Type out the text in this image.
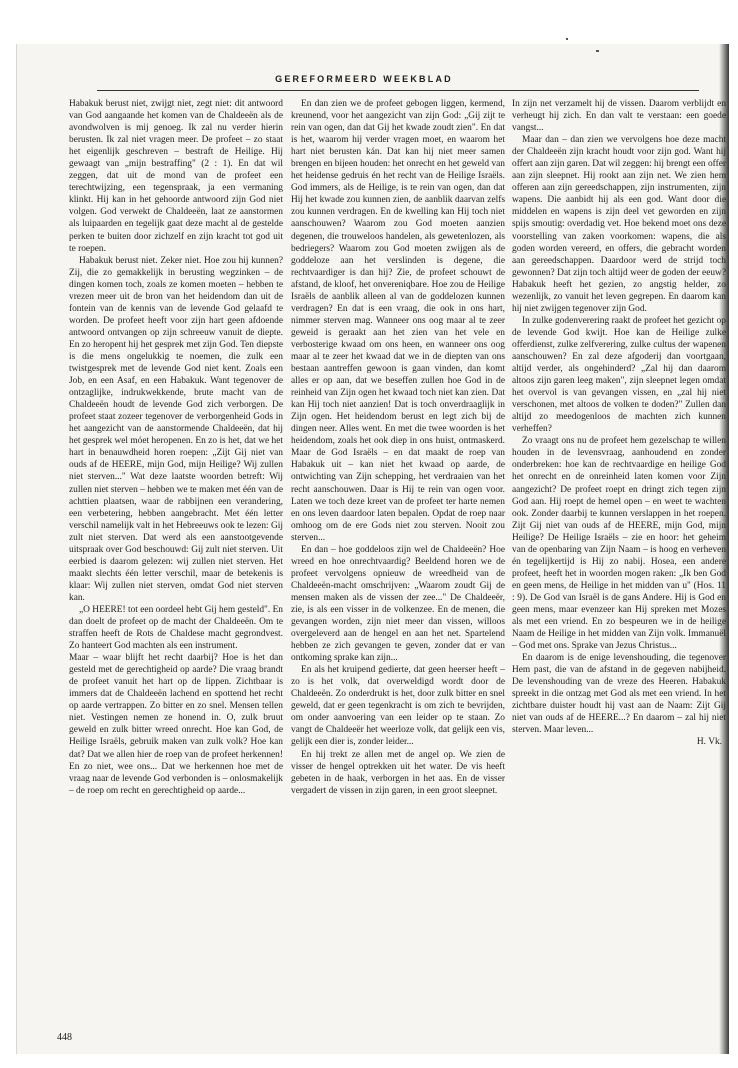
GEREFORMEERD WEEKBLAD

Habakuk berust niet, zwijgt niet, zegt niet: dit antwoord van God aangaande het komen van de Chaldeeën als de avondwolven is mij genoeg. Ik zal nu verder hierin berusten. Ik zal niet vragen meer. De profeet – zo staat het eigenlijk geschreven – bestraft de Heilige. Hij gewaagt van „mijn bestraffing" (2 : 1). En dat wil zeggen, dat uit de mond van de profeet een terechtwijzing, een tegenspraak, ja een vermaning klinkt. Hij kan in het gehoorde antwoord zijn God niet volgen. God verwekt de Chaldeeën, laat ze aanstormen als luipaarden en tegelijk gaat deze macht al de gestelde perken te buiten door zichzelf en zijn kracht tot god uit te roepen.

Habakuk berust niet. Zeker niet. Hoe zou hij kunnen? Zij, die zo gemakkelijk in berusting wegzinken – de dingen komen toch, zoals ze komen moeten – hebben te vrezen meer uit de bron van het heidendom dan uit de fontein van de kennis van de levende God gelaafd te worden. De profeet heeft voor zijn hart geen afdoende antwoord ontvangen op zijn schreeuw vanuit de diepte. En zo heropent hij het gesprek met zijn God. Ten diepste is die mens ongelukkig te noemen, die zulk een twistgesprek met de levende God niet kent. Zoals een Job, en een Asaf, en een Habakuk. Want tegenover de ontzaglijke, indrukwekkende, brute macht van de Chaldeeën houdt de levende God zich verborgen. De profeet staat zozeer tegenover de verborgenheid Gods in het aangezicht van de aanstormende Chaldeeën, dat hij het gesprek wel móet heropenen. En zo is het, dat we het hart in benauwdheid horen roepen: „Zijt Gij niet van ouds af de HEERE, mijn God, mijn Heilige? Wij zullen niet sterven..." Wat deze laatste woorden betreft: Wij zullen niet sterven – hebben we te maken met één van de achttien plaatsen, waar de rabbijnen een verandering, een verbetering, hebben aangebracht. Met één letter verschil namelijk valt in het Hebreeuws ook te lezen: Gij zult niet sterven. Dat werd als een aanstootgevende uitspraak over God beschouwd: Gij zult niet sterven. Uit eerbied is daarom gelezen: wij zullen niet sterven. Het maakt slechts één letter verschil, maar de betekenis is klaar: Wij zullen niet sterven, omdat God niet sterven kan.

„O HEERE! tot een oordeel hebt Gij hem gesteld". En dan doelt de profeet op de macht der Chaldeeën. Om te straffen heeft de Rots de Chaldese macht gegrondvest. Zo hanteert God machten als een instrument.

Maar – waar blijft het recht daarbij? Hoe is het dan gesteld met de gerechtigheid op aarde? Die vraag brandt de profeet vanuit het hart op de lippen. Zichtbaar is immers dat de Chaldeeën lachend en spottend het recht op aarde vertrappen. Zo bitter en zo snel. Mensen tellen niet. Vestingen nemen ze honend in. O, zulk bruut geweld en zulk bitter wreed onrecht. Hoe kan God, de Heilige Israëls, gebruik maken van zulk volk? Hoe kan dat? Dat we allen hier de roep van de profeet herkennen! En zo niet, wee ons... Dat we herkennen hoe met de vraag naar de levende God verbonden is – onlosmakelijk – de roep om recht en gerechtigheid op aarde...

En dan zien we de profeet gebogen liggen, kermend, kreunend, voor het aangezicht van zijn God: „Gij zijt te rein van ogen, dan dat Gij het kwade zoudt zien". En dat is het, waarom hij verder vragen moet, en waarom het hart niet berusten kán. Dat kan hij niet meer samen brengen en bijeen houden: het onrecht en het geweld van het heidense gedruis én het recht van de Heilige Israëls. God immers, als de Heilige, is te rein van ogen, dan dat Hij het kwade zou kunnen zien, de aanblik daarvan zelfs zou kunnen verdragen. En de kwelling kan Hij toch niet aanschouwen? Waarom zou God moeten aanzien degenen, die trouweloos handelen, als gewetenlozen, als bedriegers? Waarom zou God moeten zwijgen als de goddeloze aan het verslinden is degene, die rechtvaardiger is dan hij? Zie, de profeet schouwt de afstand, de kloof, het onvereniqbare. Hoe zou de Heilige Israëls de aanblik alleen al van de goddelozen kunnen verdragen? En dat is een vraag, die ook in ons hart, nimmer sterven mag. Wanneer ons oog maar al te zeer geweid is geraakt aan het zien van het vele en verbosterige kwaad om ons heen, en wanneer ons oog maar al te zeer het kwaad dat we in de diepten van ons bestaan aantreffen gewoon is gaan vinden, dan komt alles er op aan, dat we beseffen zullen hoe God in de reinheid van Zijn ogen het kwaad toch niet kan zien. Dat kan Hij toch niet aanzien! Dat is toch onverdraaglijk in Zijn ogen. Het heidendom berust en legt zich bij de dingen neer. Alles went. En met die twee woorden is het heidendom, zoals het ook diep in ons huist, ontmaskerd. Maar de God Israëls – en dat maakt de roep van Habakuk uit – kan niet het kwaad op aarde, de ontwichting van Zijn schepping, het verdraaien van het recht aanschouwen. Daar is Hij te rein van ogen voor. Laten we toch deze kreet van de profeet ter harte nemen en ons leven daardoor laten bepalen. Opdat de roep naar omhoog om de ere Gods niet zou sterven. Nooit zou sterven...

En dan – hoe goddeloos zijn wel de Chaldeeën? Hoe wreed en hoe onrechtvaardig? Beeldend horen we de profeet vervolgens opnieuw de wreedheid van de Chaldeeën-macht omschrijven: „Waarom zoudt Gij de mensen maken als de vissen der zee..." De Chaldeeër, zie, is als een visser in de volkenzee. En de menen, die gevangen worden, zijn niet meer dan vissen, willoos overgeleverd aan de hengel en aan het net. Spartelend hebben ze zich gevangen te geven, zonder dat er van ontkoming sprake kan zijn...

En als het kruipend gedierte, dat geen heerser heeft – zo is het volk, dat overweldigd wordt door de Chaldeeën. Zo onderdrukt is het, door zulk bitter en snel geweld, dat er geen tegenkracht is om zich te bevrijden, om onder aanvoering van een leider op te staan. Zo vangt de Chaldeeër het weerloze volk, dat gelijk een vis, gelijk een dier is, zonder leider...

En hij trekt ze allen met de angel op. We zien de visser de hengel optrekken uit het water. De vis heeft gebeten in de haak, verborgen in het aas. En de visser vergadert de vissen in zijn garen, in een groot sleepnet.

In zijn net verzamelt hij de vissen. Daarom verblijdt en verheugt hij zich. En dan valt te verstaan: een goede vangst...

Maar dan – dan zien we vervolgens hoe deze macht der Chaldeeën zijn kracht houdt voor zijn god. Want hij offert aan zijn garen. Dat wil zeggen: hij brengt een offer aan zijn sleepnet. Hij rookt aan zijn net. We zien hem offeren aan zijn gereedschappen, zijn instrumenten, zijn wapens. Die aanbidt hij als een god. Want door die middelen en wapens is zijn deel vet geworden en zijn spijs smoutig: overdadig vet. Hoe bekend moet ons deze voorstelling van zaken voorkomen: wapens, die als goden worden vereerd, en offers, die gebracht worden aan gereedschappen. Daardoor werd de strijd toch gewonnen? Dat zijn toch altijd weer de goden der eeuw? Habakuk heeft het gezien, zo angstig helder, zo wezenlijk, zo vanuit het leven gegrepen. En daarom kan hij niet zwijgen tegenover zijn God.

In zulke godenverering raakt de profeet het gezicht op de levende God kwijt. Hoe kan de Heilige zulke offerdienst, zulke zelfverering, zulke cultus der wapenen aanschouwen? En zal deze afgoderij dan voortgaan, altijd verder, als ongehinderd? „Zal hij dan daarom altoos zijn garen leeg maken", zijn sleepnet legen omdat het overvol is van gevangen vissen, en „zal hij niet verschonen, met altoos de volken te doden?" Zullen dan altijd zo meedogenloos de machten zich kunnen verheffen?

Zo vraagt ons nu de profeet hem gezelschap te willen houden in de levensvraag, aanhoudend en zonder onderbreken: hoe kan de rechtvaardige en heilige God het onrecht en de onreinheid laten komen voor Zijn aangezicht? De profeet roept en dringt zich tegen zijn God aan. Hij roept de hemel open – en weet te wachten ook. Zonder daarbij te kunnen verslappen in het roepen. Zijt Gij niet van ouds af de HEERE, mijn God, mijn Heilige? De Heilige Israëls – zie en hoor: het geheim van de openbaring van Zijn Naam – is hoog en verheven én tegelijkertijd is Hij zo nabij. Hosea, een andere profeet, heeft het in woorden mogen raken: „Ik ben God en geen mens, de Heilige in het midden van u" (Hos. 11 : 9). De God van Israël is de gans Andere. Hij is God en geen mens, maar evenzeer kan Hij spreken met Mozes als met een vriend. En zo bespeuren we in de heilige Naam de Heilige in het midden van Zijn volk. Immanuël – God met ons. Sprake van Jezus Christus...

En daarom is de enige levenshouding, die tegenover Hem past, die van de afstand in de gegeven nabijheid. De levenshouding van de vreze des Heeren. Habakuk spreekt in die ontzag met God als met een vriend. In het zichtbare duister houdt hij vast aan de Naam: Zijt Gij niet van ouds af de HEERE...? En daarom – zal hij niet sterven. Maar leven...

H. Vk.

448
